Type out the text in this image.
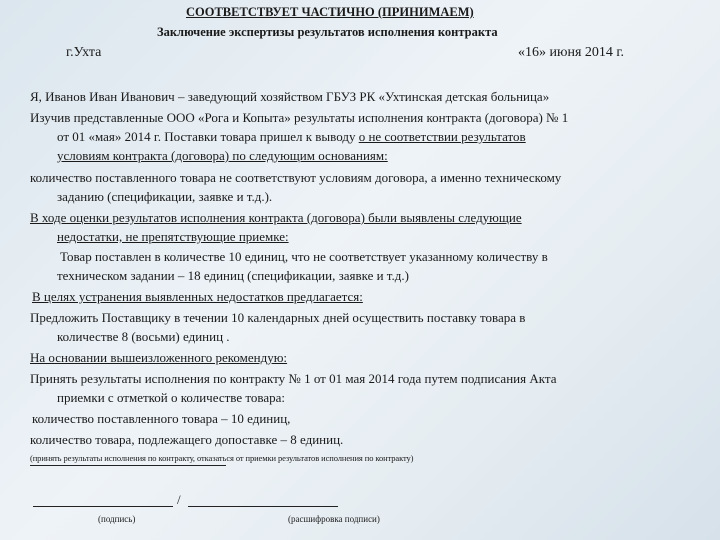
СООТВЕТСТВУЕТ ЧАСТИЧНО (ПРИНИМАЕМ)
Заключение экспертизы результатов исполнения контракта
г.Ухта	«16» июня 2014 г.
Я, Иванов Иван Иванович – заведующий хозяйством ГБУЗ РК «Ухтинская детская больница»
Изучив представленные ООО «Рога и Копыта» результаты исполнения контракта (договора) № 1
от 01 «мая» 2014 г. Поставки товара пришел к выводу о не соответствии результатов
условиям контракта (договора) по следующим основаниям:
количество поставленного товара не соответствуют условиям договора, а именно техническому
заданию (спецификации, заявке и т.д.).
В ходе оценки результатов исполнения контракта (договора) были выявлены следующие
недостатки, не препятствующие приемке:
Товар поставлен в количестве 10 единиц, что не соответствует указанному количеству в
техническом задании – 18 единиц (спецификации, заявке и т.д.)
В целях устранения выявленных недостатков предлагается:
Предложить Поставщику в течении 10 календарных дней осуществить поставку товара в
количестве 8 (восьми) единиц .
На основании вышеизложенного рекомендую:
Принять результаты исполнения по контракту № 1 от 01 мая 2014 года путем подписания Акта
приемки с отметкой о количестве товара:
количество поставленного товара – 10 единиц,
количество товара, подлежащего допоставке – 8 единиц.
(принять результаты исполнения по контракту, отказаться от приемки результатов исполнения по контракту)
/
(подпись)	(расшифровка подписи)
